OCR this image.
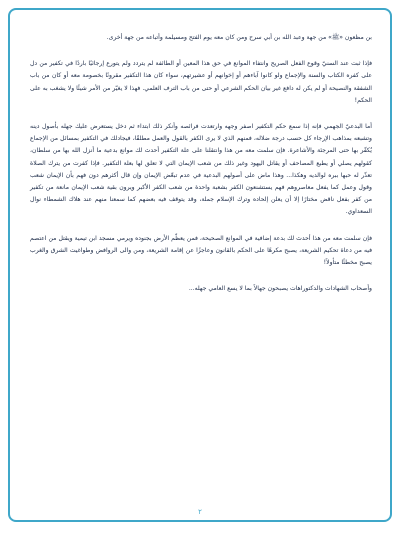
بن مظعون «ﷺ» من جهة وعبد الله بن أبي سرح ومن كان معه يوم الفتح ومسيلمة وأتباعه من جهة أخرى.

فإذا ثبت عند السنيّ وقوع الفعل الصريح وانتفاء الموانع في حق هذا المعين أو الطائفة لم يتردد ولم يتورع إرجائيًا باردًا في تكفير من دل على كفره الكتاب والسنة والإجماع ولو كانوا آباءهم أو إخوانهم أو عشيرتهم، سواء كان هذا التكفير مقرونًا بخصومة معه أو كان من باب الشفقة والنصيحة أو لم يكن له دافع غير بيان الحكم الشرعي أو حتى من باب الترف العلمي. فهذا لا يغيّر من الأمر شيئًا ولا يشغب به على الحكم!

أما البدعيّ الجهمي فإنه إذا سمع حكم التكفير اصفر وجهه وارتعدت فرائصه وأنكر ذلك ابتداء ثم دخل يستعرض عليك جهله بأصول دينه وتشبعه بمذاهب الإرجاء كل حسب درجة ضلاله، فمنهم الذي لا يرى الكفر بالقول والعمل مطلقًا، فيجادلك في التكفير بمسائل من الإجماع يُكفّر بها حتى المرجئة والأشاعرة. فإن سلمت معه من هذا وانتقلنا على علة التكفير أحدث لك موانع بدعية ما أنزل الله بها من سلطان، كقولهم يصلي أو يطيع المصاحف أو يقاتل اليهود وغير ذلك من شعب الإيمان التي لا تعلق لها بعلة التكفير. فإذا كفرت من يترك الصلاة تعذّر له حبها ببره لوالديه وهكذا... وهذا ماض على أصولهم البدعية في عدم تبعّض الإيمان وإن قال أكثرهم دون فهم بأن الإيمان شعب وقول وعمل كما يفعل معاصروهم فهم يستشنعون الكفر بشعبة واحدة من شعب الكفر الأكبر ويرون بقية شعب الإيمان مانعة من تكفير من كفر بفعل ناقض مختارًا إلا أن يعلن إلحاده وترك الإسلام جملة، وقد يتوقف فيه بعضهم كما سمعنا منهم عند هلاك الشمطاء نوال السعداوي.

فإن سلمت معه من هذا أحدث لك بدعة إضافية في الموانع الصحيحة، فمن يعظّم الأرض بجنوده ويرمي مسجد ابن تيمية ويقتل من اعتصم فيه من دعاة تحكيم الشريعة، يصبح مكرهًا على الحكم بالقانون وعاجزًا عن إقامة الشريعة، ومن والى الروافض وطواغيت الشرق والغرب يصبح مخطئًا متأولاً!

وأصحاب الشهادات والدكتوراهات يصبحون جهالاً بما لا يسع العامي جهله...

٢
